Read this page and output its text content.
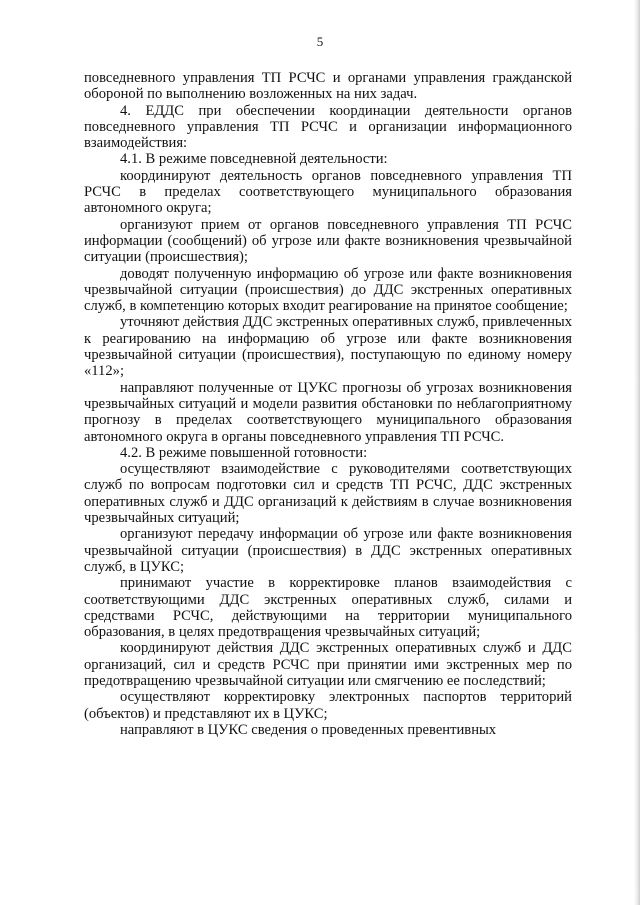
5

повседневного управления ТП РСЧС и органами управления гражданской обороной по выполнению возложенных на них задач.

4. ЕДДС при обеспечении координации деятельности органов повседневного управления ТП РСЧС и организации информационного взаимодействия:

4.1. В режиме повседневной деятельности:

координируют деятельность органов повседневного управления ТП РСЧС в пределах соответствующего муниципального образования автономного округа;

организуют прием от органов повседневного управления ТП РСЧС информации (сообщений) об угрозе или факте возникновения чрезвычайной ситуации (происшествия);

доводят полученную информацию об угрозе или факте возникновения чрезвычайной ситуации (происшествия) до ДДС экстренных оперативных служб, в компетенцию которых входит реагирование на принятое сообщение;

уточняют действия ДДС экстренных оперативных служб, привлеченных к реагированию на информацию об угрозе или факте возникновения чрезвычайной ситуации (происшествия), поступающую по единому номеру «112»;

направляют полученные от ЦУКС прогнозы об угрозах возникновения чрезвычайных ситуаций и модели развития обстановки по неблагоприятному прогнозу в пределах соответствующего муниципального образования автономного округа в органы повседневного управления ТП РСЧС.

4.2. В режиме повышенной готовности:

осуществляют взаимодействие с руководителями соответствующих служб по вопросам подготовки сил и средств ТП РСЧС, ДДС экстренных оперативных служб и ДДС организаций к действиям в случае возникновения чрезвычайных ситуаций;

организуют передачу информации об угрозе или факте возникновения чрезвычайной ситуации (происшествия) в ДДС экстренных оперативных служб, в ЦУКС;

принимают участие в корректировке планов взаимодействия с соответствующими ДДС экстренных оперативных служб, силами и средствами РСЧС, действующими на территории муниципального образования, в целях предотвращения чрезвычайных ситуаций;

координируют действия ДДС экстренных оперативных служб и ДДС организаций, сил и средств РСЧС при принятии ими экстренных мер по предотвращению чрезвычайной ситуации или смягчению ее последствий;

осуществляют корректировку электронных паспортов территорий (объектов) и представляют их в ЦУКС;

направляют в ЦУКС сведения о проведенных превентивных
